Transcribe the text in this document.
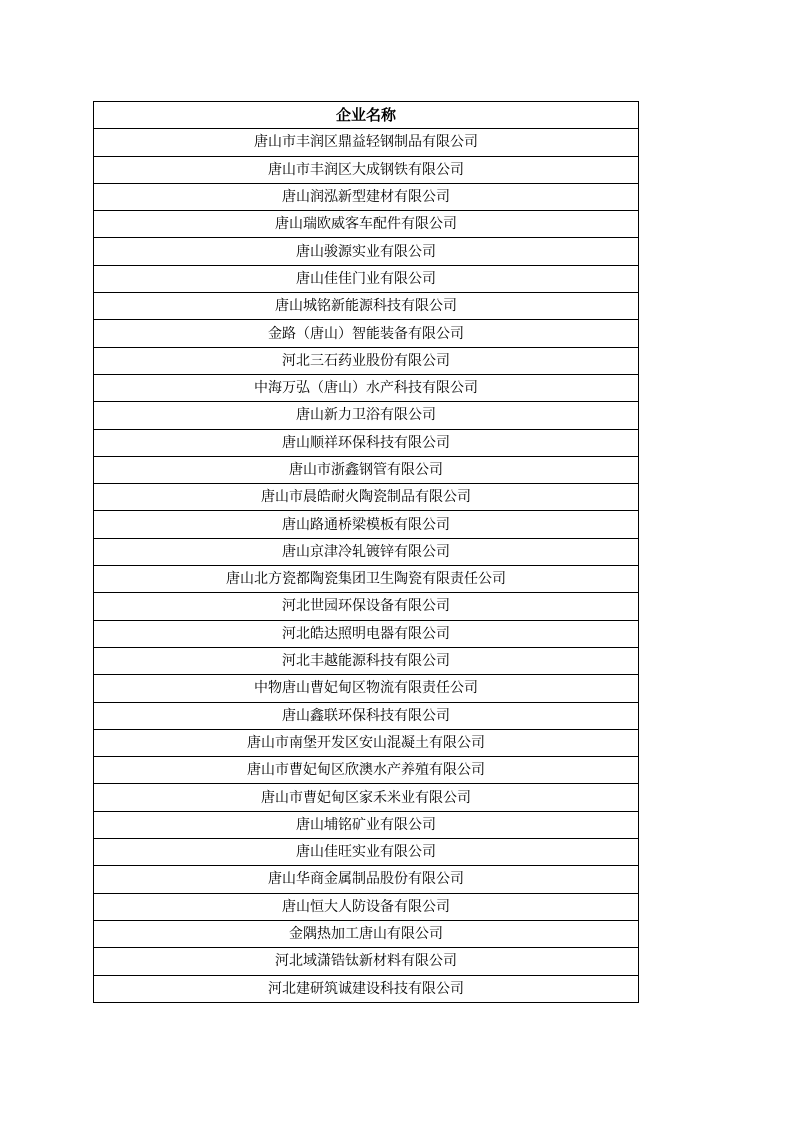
企业名称
唐山市丰润区鼎益轻钢制品有限公司
唐山市丰润区大成钢铁有限公司
唐山润泓新型建材有限公司
唐山瑞欧威客车配件有限公司
唐山骏源实业有限公司
唐山佳佳门业有限公司
唐山城铭新能源科技有限公司
金路（唐山）智能装备有限公司
河北三石药业股份有限公司
中海万弘（唐山）水产科技有限公司
唐山新力卫浴有限公司
唐山顺祥环保科技有限公司
唐山市浙鑫钢管有限公司
唐山市晨皓耐火陶瓷制品有限公司
唐山路通桥梁模板有限公司
唐山京津冷轧镀锌有限公司
唐山北方瓷都陶瓷集团卫生陶瓷有限责任公司
河北世园环保设备有限公司
河北皓达照明电器有限公司
河北丰越能源科技有限公司
中物唐山曹妃甸区物流有限责任公司
唐山鑫联环保科技有限公司
唐山市南堡开发区安山混凝土有限公司
唐山市曹妃甸区欣澳水产养殖有限公司
唐山市曹妃甸区家禾米业有限公司
唐山埔铭矿业有限公司
唐山佳旺实业有限公司
唐山华商金属制品股份有限公司
唐山恒大人防设备有限公司
金隅热加工唐山有限公司
河北域潇锆钛新材料有限公司
河北建研筑诚建设科技有限公司
